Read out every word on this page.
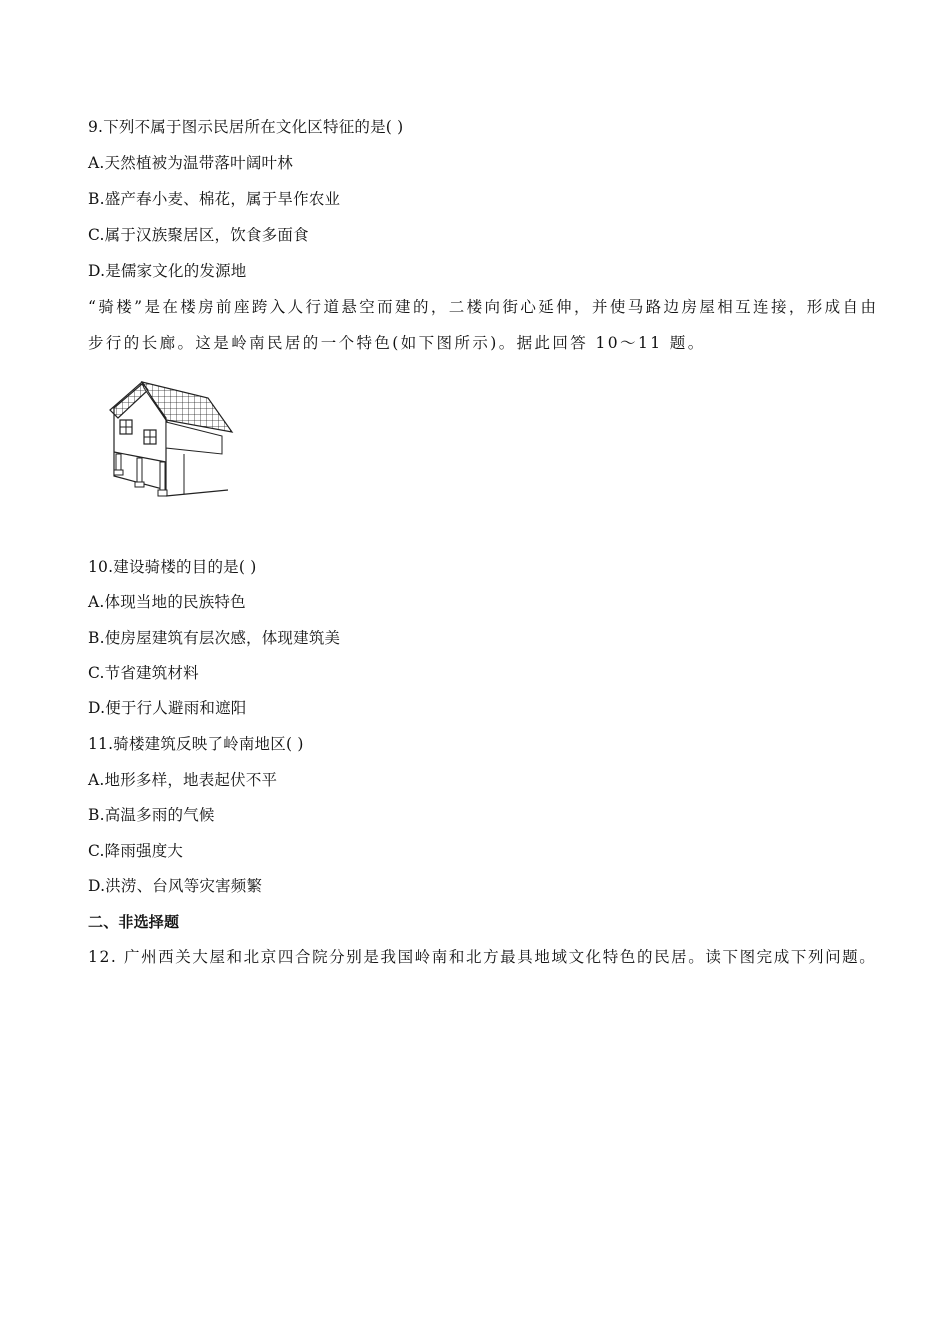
9.下列不属于图示民居所在文化区特征的是( )
A.天然植被为温带落叶阔叶林
B.盛产春小麦、棉花，属于旱作农业
C.属于汉族聚居区，饮食多面食
D.是儒家文化的发源地
“骑楼”是在楼房前座跨入人行道悬空而建的，二楼向街心延伸，并使马路边房屋相互连接，形成自由
步行的长廊。这是岭南民居的一个特色(如下图所示)。据此回答 10～11 题。
10.建设骑楼的目的是( )
A.体现当地的民族特色
B.使房屋建筑有层次感，体现建筑美
C.节省建筑材料
D.便于行人避雨和遮阳
11.骑楼建筑反映了岭南地区( )
A.地形多样，地表起伏不平
B.高温多雨的气候
C.降雨强度大
D.洪涝、台风等灾害频繁
二、非选择题
12. 广州西关大屋和北京四合院分别是我国岭南和北方最具地域文化特色的民居。读下图完成下列问题。
